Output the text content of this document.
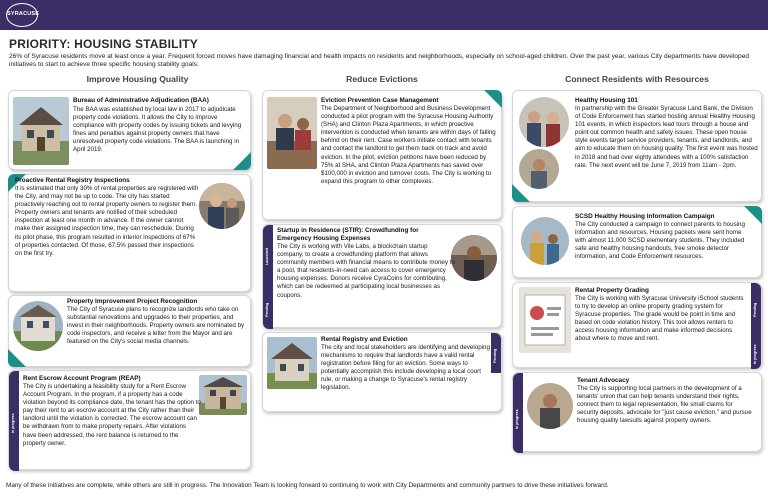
SYRACUSE
PRIORITY: HOUSING STABILITY
26% of Syracuse residents move at least once a year. Frequent forced moves have damaging financial and health impacts on residents and neighborhoods, especially on school-aged children. Over the past year, various City departments have developed initiatives to start to achieve three specific housing stability goals:
Improve Housing Quality	Reduce Evictions	Connect Residents with Resources
Bureau of Administrative Adjudication (BAA)
The BAA was established by local law in 2017 to adjudicate property code violations. It allows the City to improve compliance with property codes by issuing tickets and levying fines and penalties against property owners that have unresolved property code violations. The BAA is launching in April 2019.
Proactive Rental Registry Inspections
It is estimated that only 30% of rental properties are registered with the City, and may not be up to code. The city has started proactively reaching out to rental property owners to register them. Property owners and tenants are notified of their scheduled inspection at least one month in advance. If the owner cannot make their assigned inspection time, they can reschedule. During its pilot phase, this program resulted in interior inspections of 67% of properties contacted. Of those, 67.5% passed their inspections on the first try.
Property Improvement Project Recognition
The City of Syracuse plans to recognize landlords who take on substantial renovations and upgrades to their properties, and invest in their neighborhoods. Property owners are nominated by code inspectors, and receive a letter from the Mayor and are featured on the City's social media channels.
In progress
Rent Escrow Account Program (REAP)
The City is undertaking a feasibility study for a Rent Escrow Account Program. In the program, if a property has a code violation beyond its compliance date, the tenant has the option to pay their rent to an escrow account at the City rather than their landlord until the violation is corrected. The escrow account can be withdrawn from to make property repairs. After violations have been addressed, the rent balance is returned to the property owner.
Eviction Prevention Case Management
The Department of Neighborhood and Business Development conducted a pilot program with the Syracuse Housing Authority (SHA) and Clinton Plaza Apartments, in which proactive intervention is conducted when tenants are within days of falling behind on their rent. Case workers initiate contact with tenants and contact the landlord to get them back on track and avoid eviction. In the pilot, eviction petitions have been reduced by 75% at SHA, and Clinton Plaza Apartments has saved over $100,000 in eviction and turnover costs. The City is working to expand this program to other complexes.
Launched
Pending
Startup in Residence (STIR): Crowdfunding for Emergency Housing Expenses
The City is working with Vile Labs, a blockchain startup company, to create a crowdfunding platform that allows community members with financial means to contribute money to a pool, that residents-in-need can access to cover emergency housing expenses. Donors receive CyraCoins for contributing, which can be redeemed at participating local businesses as coupons.
Pending
Rental Registry and Eviction
The city and local stakeholders are identifying and developing mechanisms to require that landlords have a valid rental registration before filing for an eviction. Some ways to potentially accomplish this include developing a local court rule, or making a change to Syracuse's rental registry legislation.
Healthy Housing 101
In partnership with the Greater Syracuse Land Bank, the Division of Code Enforcement has started hosting annual Healthy Housing 101 events, in which inspectors lead tours through a house and point out common health and safety issues. These open house style events target service providers, tenants, and landlords, and aim to educate them on housing quality. The first event was hosted in 2018 and had over eighty attendees with a 100% satisfaction rate. The next event will be June 7, 2019 from 11am - 2pm.
SCSD Healthy Housing Information Campaign
The City conducted a campaign to connect parents to housing information and resources. Housing packets were sent home with almost 11,000 SCSD elementary students. They included safe and healthy housing handouts, free smoke detector information, and Code Enforcement resources.
Pending
In progress
Rental Property Grading
The City is working with Syracuse University iSchool students to try to develop an online property grading system for Syracuse properties. The grade would be point in time and based on code violation history. This tool allows renters to access housing information and make informed decisions about where to move and rent.
In progress
Tenant Advocacy
The City is supporting local partners in the development of a tenants' union that can help tenants understand their rights, connect them to legal representation, file small claims for security deposits, advocate for "just cause eviction," and pursue housing quality lawsuits against property owners.
Many of these initiatives are complete, while others are still in progress. The Innovation Team is looking forward to continuing to work with City Departments and community partners to drive these initiatives forward.
